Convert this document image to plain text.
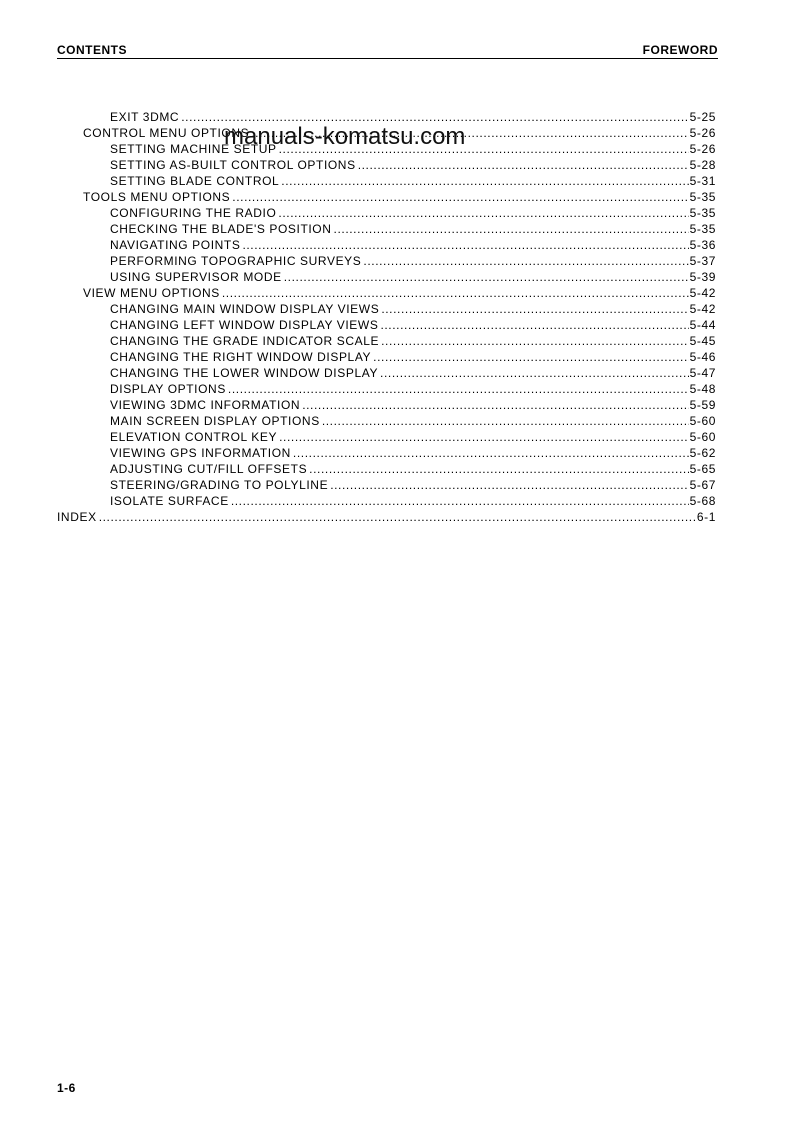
CONTENTS	FOREWORD
manuals-komatsu.com
EXIT 3DMC .....	5-25
CONTROL MENU OPTIONS .....	5-26
SETTING MACHINE SETUP .....	5-26
SETTING AS-BUILT CONTROL OPTIONS .....	5-28
SETTING BLADE CONTROL .....	5-31
TOOLS MENU OPTIONS .....	5-35
CONFIGURING THE RADIO .....	5-35
CHECKING THE BLADE'S POSITION .....	5-35
NAVIGATING POINTS .....	5-36
PERFORMING TOPOGRAPHIC SURVEYS .....	5-37
USING SUPERVISOR MODE .....	5-39
VIEW MENU OPTIONS .....	5-42
CHANGING MAIN WINDOW DISPLAY VIEWS .....	5-42
CHANGING LEFT WINDOW DISPLAY VIEWS .....	5-44
CHANGING THE GRADE INDICATOR SCALE .....	5-45
CHANGING THE RIGHT WINDOW DISPLAY .....	5-46
CHANGING THE LOWER WINDOW DISPLAY .....	5-47
DISPLAY OPTIONS .....	5-48
VIEWING 3DMC INFORMATION .....	5-59
MAIN SCREEN DISPLAY OPTIONS .....	5-60
ELEVATION CONTROL KEY .....	5-60
VIEWING GPS INFORMATION .....	5-62
ADJUSTING CUT/FILL OFFSETS .....	5-65
STEERING/GRADING TO POLYLINE .....	5-67
ISOLATE SURFACE .....	5-68
INDEX .....	6-1
1-6
